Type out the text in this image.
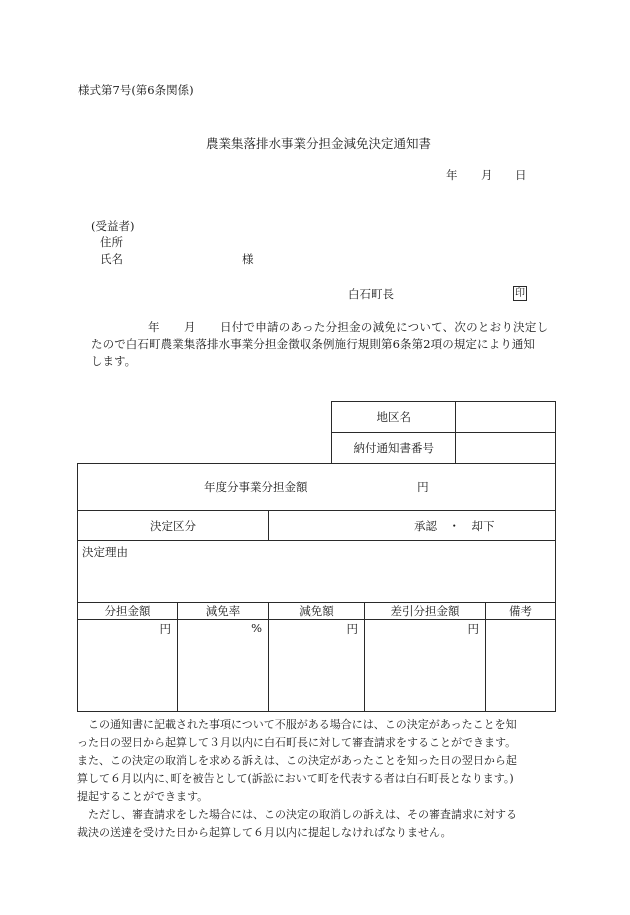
様式第7号(第6条関係)
農業集落排水事業分担金減免決定通知書
年 月 日
(受益者)
住所
氏名	様
白石町長	印
年 月 日付で申請のあった分担金の減免について、次のとおり決定し
たので白石町農業集落排水事業分担金徴収条例施行規則第6条第2項の規定により通知
します。
地区名	
納付通知書番号	
年度分事業分担金額 円				
決定区分		承認　・　却下		
決定理由				
分担金額	減免率	減免額	差引分担金額	備考
円	%	円	円	
この通知書に記載された事項について不服がある場合には、この決定があったことを知
った日の翌日から起算して３月以内に白石町長に対して審査請求をすることができます。
また、この決定の取消しを求める訴えは、この決定があったことを知った日の翌日から起
算して６月以内に､町を被告として(訴訟において町を代表する者は白石町長となります。)
提起することができます。
ただし、審査請求をした場合には、この決定の取消しの訴えは、その審査請求に対する
裁決の送達を受けた日から起算して６月以内に提起しなければなりません。
